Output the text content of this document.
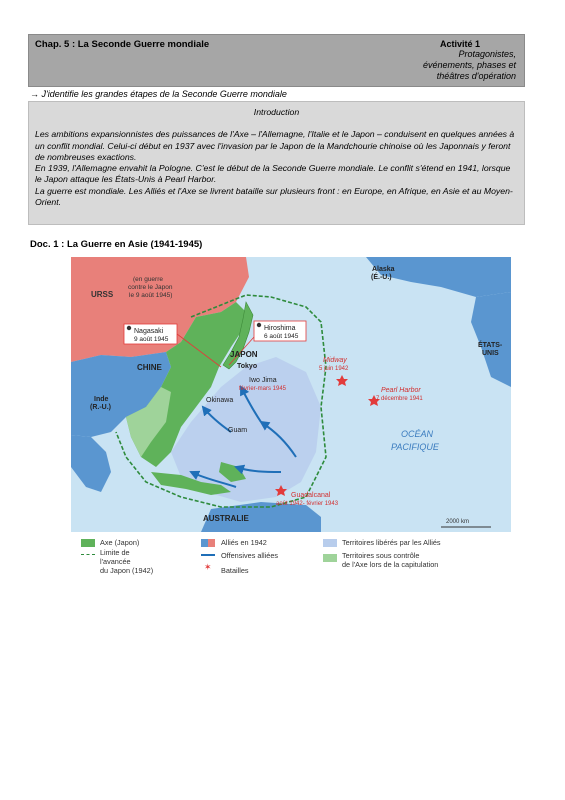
Chap. 5 : La Seconde Guerre mondiale	Activité 1
Protagonistes,
événements, phases et
théâtres d'opération
→ J'identifie les grandes étapes de la Seconde Guerre mondiale
Introduction

Les ambitions expansionnistes des puissances de l'Axe – l'Allemagne, l'Italie et le Japon – conduisent en quelques années à un conflit mondial. Celui-ci début en 1937 avec l'invasion par le Japon de la Mandchourie chinoise où les Japonnais y feront de nombreuses exactions.

En 1939, l'Allemagne envahit la Pologne. C'est le début de la Seconde Guerre mondiale. Le conflit s'étend en 1941, lorsque le Japon attaque les États-Unis à Pearl Harbor.

La guerre est mondiale. Les Alliés et l'Axe se livrent bataille sur plusieurs front : en Europe, en Afrique, en Asie et au Moyen-Orient.

Doc. 1 : La Guerre en Asie (1941-1945)
URSS
(en guerre
contre le Japon
le 9 août 1945)
Nagasaki
9 août 1945
Hiroshima
6 août 1945
JAPON
Tokyo
CHINE
Inde
(R.-U.)
Alaska
(É.-U.)
ÉTATS-
UNIS
Midway
5 juin 1942
Pearl Harbor
7 décembre 1941
Iwo Jima
février-mars 1945
Okinawa
Guam	OCÉAN
PACIFIQUE
Guadalcanal
août 1942- février 1943
AUSTRALIE	2000 km
Axe (Japon)
Limite de
l'avancée
du Japon (1942)
Alliés en 1942
Offensives alliées
✶ Batailles
Territoires libérés par les Alliés
Territoires sous contrôle
de l'Axe lors de la capitulation
